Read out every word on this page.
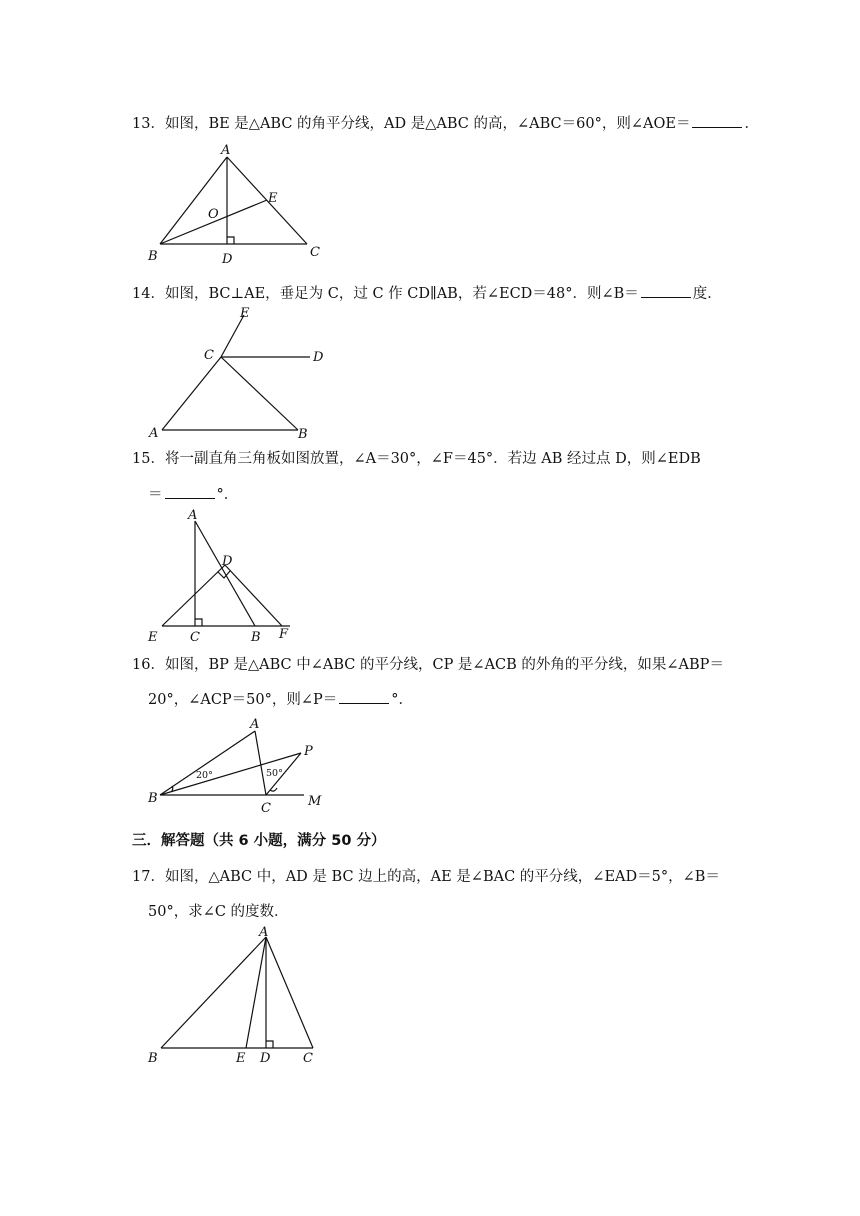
13．如图，BE 是△ABC 的角平分线，AD 是△ABC 的高，∠ABC＝60°，则∠AOE＝	．
A
B	C
D
E
O
14．如图，BC⊥AE，垂足为 C，过 C 作 CD∥AB，若∠ECD＝48°．则∠B＝	度．
E
C	D
A	B
15．将一副直角三角板如图放置，∠A＝30°，∠F＝45°．若边 AB 经过点 D，则∠EDB
＝	°．
A
D
E	C	B F
16．如图，BP 是△ABC 中∠ABC 的平分线，CP 是∠ACB 的外角的平分线，如果∠ABP＝
20°，∠ACP＝50°，则∠P＝	°．
A
B
C
P
M
20°	50°
三．解答题（共 6 小题，满分 50 分）
17．如图，△ABC 中，AD 是 BC 边上的高，AE 是∠BAC 的平分线，∠EAD＝5°，∠B＝
50°，求∠C 的度数．
A
B	E D	C
